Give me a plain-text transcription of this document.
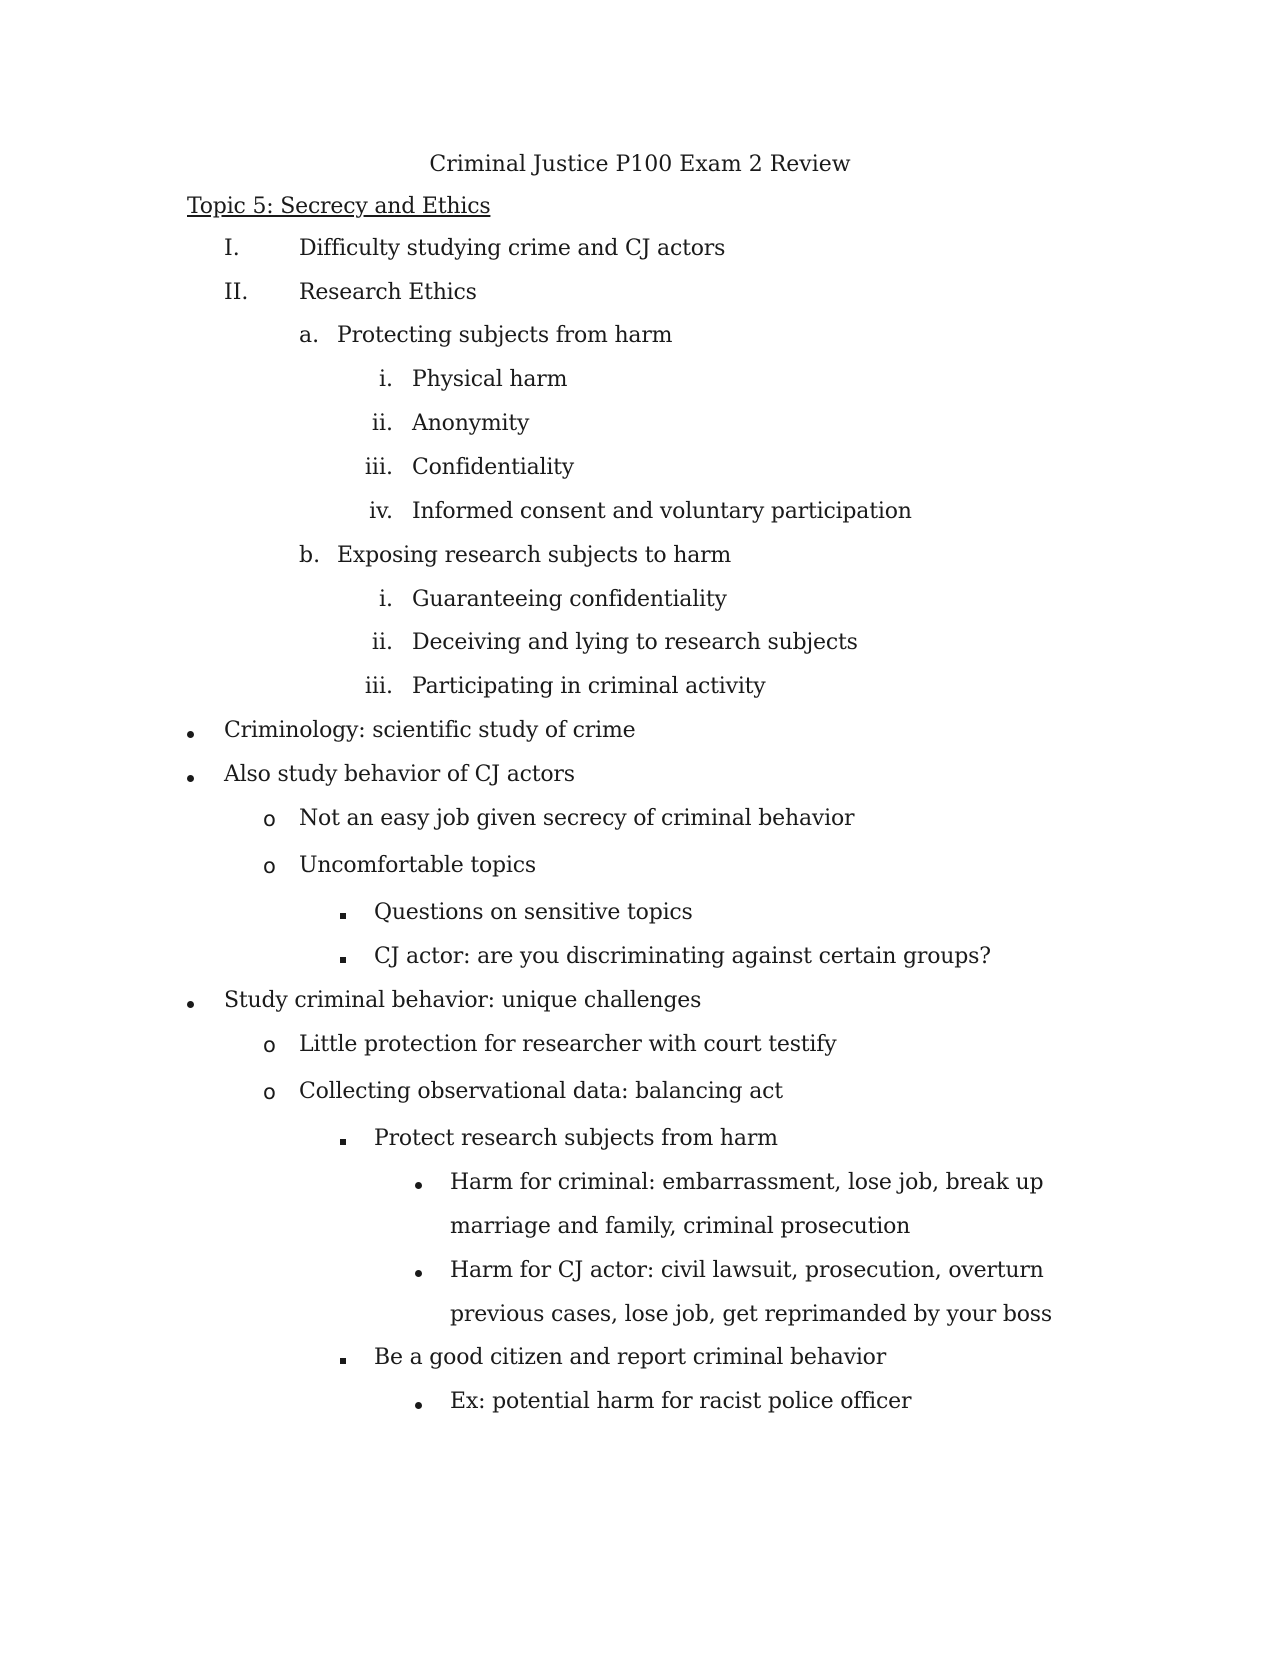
Criminal Justice P100 Exam 2 Review
Topic 5: Secrecy and Ethics
I.	Difficulty studying crime and CJ actors
II. Research Ethics
a. Protecting subjects from harm
i. Physical harm
ii. Anonymity
iii. Confidentiality
iv. Informed consent and voluntary participation
b. Exposing research subjects to harm
i. Guaranteeing confidentiality
ii. Deceiving and lying to research subjects
iii. Participating in criminal activity
Criminology: scientific study of crime
Also study behavior of CJ actors
o Not an easy job given secrecy of criminal behavior
o Uncomfortable topics
Questions on sensitive topics
CJ actor: are you discriminating against certain groups?
Study criminal behavior: unique challenges
o Little protection for researcher with court testify
o Collecting observational data: balancing act
Protect research subjects from harm
Harm for criminal: embarrassment, lose job, break up
marriage and family, criminal prosecution
Harm for CJ actor: civil lawsuit, prosecution, overturn
previous cases, lose job, get reprimanded by your boss
Be a good citizen and report criminal behavior
Ex: potential harm for racist police officer
